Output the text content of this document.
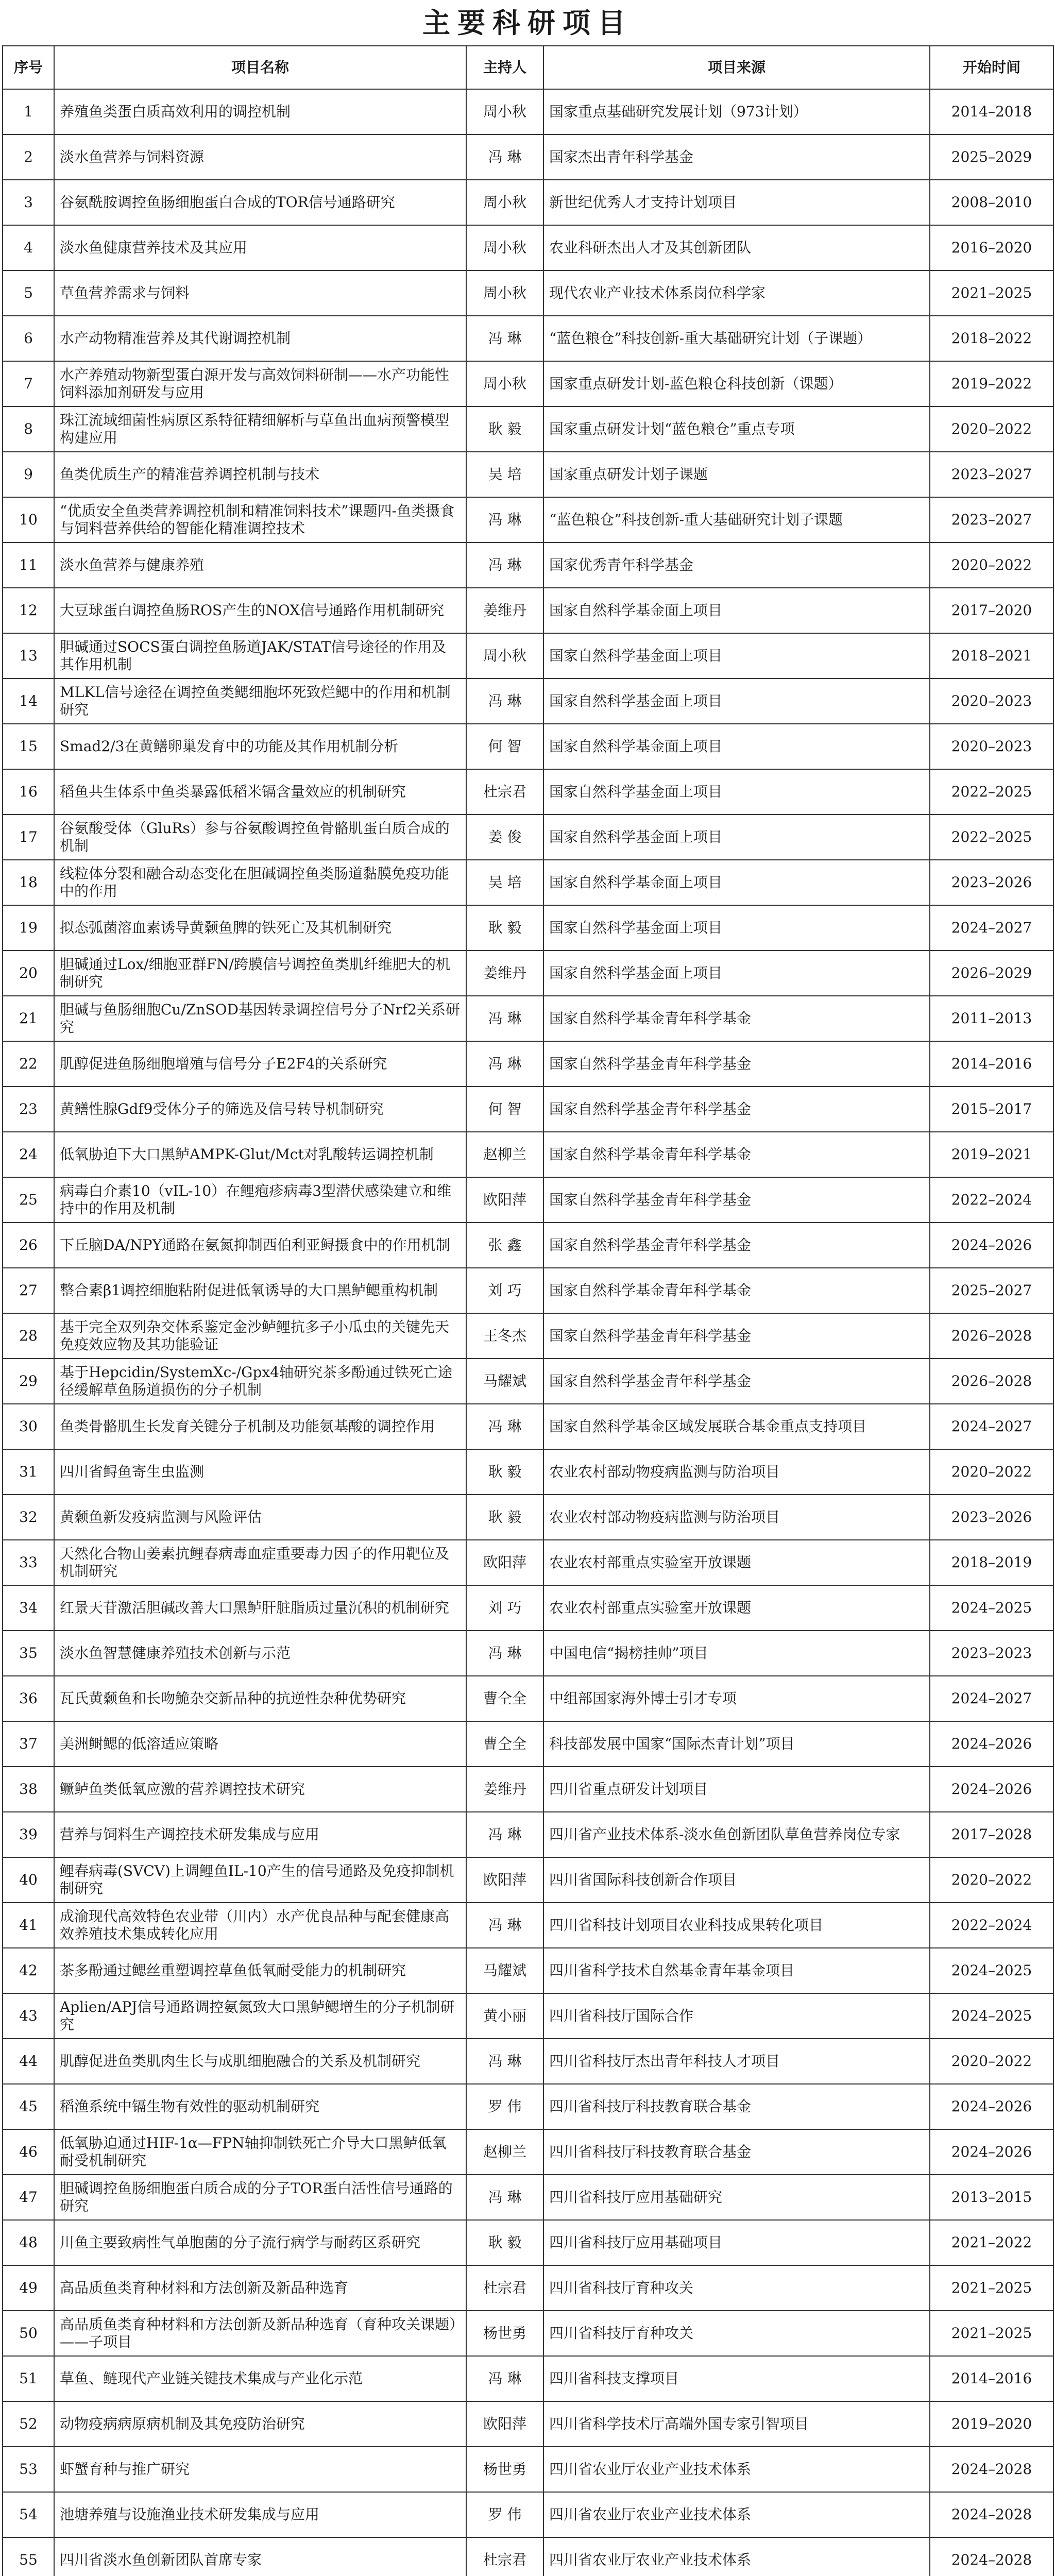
主要科研项目
序号	项目名称	主持人	项目来源	开始时间
1	养殖鱼类蛋白质高效利用的调控机制	周小秋	国家重点基础研究发展计划（973计划）	2014–2018
2	淡水鱼营养与饲料资源	冯 琳	国家杰出青年科学基金	2025–2029
3	谷氨酰胺调控鱼肠细胞蛋白合成的TOR信号通路研究	周小秋	新世纪优秀人才支持计划项目	2008–2010
4	淡水鱼健康营养技术及其应用	周小秋	农业科研杰出人才及其创新团队	2016–2020
5	草鱼营养需求与饲料	周小秋	现代农业产业技术体系岗位科学家	2021–2025
6	水产动物精准营养及其代谢调控机制	冯 琳	“蓝色粮仓”科技创新-重大基础研究计划（子课题）	2018–2022
7	水产养殖动物新型蛋白源开发与高效饲料研制——水产功能性饲料添加剂研发与应用	周小秋	国家重点研发计划-蓝色粮仓科技创新（课题）	2019–2022
8	珠江流域细菌性病原区系特征精细解析与草鱼出血病预警模型构建应用	耿 毅	国家重点研发计划“蓝色粮仓”重点专项	2020–2022
9	鱼类优质生产的精准营养调控机制与技术	吴 培	国家重点研发计划子课题	2023–2027
10	“优质安全鱼类营养调控机制和精准饲料技术”课题四-鱼类摄食与饲料营养供给的智能化精准调控技术	冯 琳	“蓝色粮仓”科技创新-重大基础研究计划子课题	2023–2027
11	淡水鱼营养与健康养殖	冯 琳	国家优秀青年科学基金	2020–2022
12	大豆球蛋白调控鱼肠ROS产生的NOX信号通路作用机制研究	姜维丹	国家自然科学基金面上项目	2017–2020
13	胆碱通过SOCS蛋白调控鱼肠道JAK/STAT信号途径的作用及其作用机制	周小秋	国家自然科学基金面上项目	2018–2021
14	MLKL信号途径在调控鱼类鳃细胞坏死致烂鳃中的作用和机制研究	冯 琳	国家自然科学基金面上项目	2020–2023
15	Smad2/3在黄鳝卵巢发育中的功能及其作用机制分析	何 智	国家自然科学基金面上项目	2020–2023
16	稻鱼共生体系中鱼类暴露低稻米镉含量效应的机制研究	杜宗君	国家自然科学基金面上项目	2022–2025
17	谷氨酸受体（GluRs）参与谷氨酸调控鱼骨骼肌蛋白质合成的机制	姜 俊	国家自然科学基金面上项目	2022–2025
18	线粒体分裂和融合动态变化在胆碱调控鱼类肠道黏膜免疫功能中的作用	吴 培	国家自然科学基金面上项目	2023–2026
19	拟态弧菌溶血素诱导黄颡鱼脾的铁死亡及其机制研究	耿 毅	国家自然科学基金面上项目	2024–2027
20	胆碱通过Lox/细胞亚群FN/跨膜信号调控鱼类肌纤维肥大的机制研究	姜维丹	国家自然科学基金面上项目	2026–2029
21	胆碱与鱼肠细胞Cu/ZnSOD基因转录调控信号分子Nrf2关系研究	冯 琳	国家自然科学基金青年科学基金	2011–2013
22	肌醇促进鱼肠细胞增殖与信号分子E2F4的关系研究	冯 琳	国家自然科学基金青年科学基金	2014–2016
23	黄鳝性腺Gdf9受体分子的筛选及信号转导机制研究	何 智	国家自然科学基金青年科学基金	2015–2017
24	低氧胁迫下大口黑鲈AMPK-Glut/Mct对乳酸转运调控机制	赵柳兰	国家自然科学基金青年科学基金	2019–2021
25	病毒白介素10（vIL-10）在鲤疱疹病毒3型潜伏感染建立和维持中的作用及机制	欧阳萍	国家自然科学基金青年科学基金	2022–2024
26	下丘脑DA/NPY通路在氨氮抑制西伯利亚鲟摄食中的作用机制	张 鑫	国家自然科学基金青年科学基金	2024–2026
27	整合素β1调控细胞粘附促进低氧诱导的大口黑鲈鳃重构机制	刘 巧	国家自然科学基金青年科学基金	2025–2027
28	基于完全双列杂交体系鉴定金沙鲈鲤抗多子小瓜虫的关键先天免疫效应物及其功能验证	王冬杰	国家自然科学基金青年科学基金	2026–2028
29	基于Hepcidin/SystemXc-/Gpx4轴研究茶多酚通过铁死亡途径缓解草鱼肠道损伤的分子机制	马耀斌	国家自然科学基金青年科学基金	2026–2028
30	鱼类骨骼肌生长发育关键分子机制及功能氨基酸的调控作用	冯 琳	国家自然科学基金区域发展联合基金重点支持项目	2024–2027
31	四川省鲟鱼寄生虫监测	耿 毅	农业农村部动物疫病监测与防治项目	2020–2022
32	黄颡鱼新发疫病监测与风险评估	耿 毅	农业农村部动物疫病监测与防治项目	2023–2026
33	天然化合物山姜素抗鲤春病毒血症重要毒力因子的作用靶位及机制研究	欧阳萍	农业农村部重点实验室开放课题	2018–2019
34	红景天苷激活胆碱改善大口黑鲈肝脏脂质过量沉积的机制研究	刘 巧	农业农村部重点实验室开放课题	2024–2025
35	淡水鱼智慧健康养殖技术创新与示范	冯 琳	中国电信“揭榜挂帅”项目	2023–2023
36	瓦氏黄颡鱼和长吻鮠杂交新品种的抗逆性杂种优势研究	曹仝全	中组部国家海外博士引才专项	2024–2027
37	美洲鲥鳃的低溶适应策略	曹仝全	科技部发展中国家“国际杰青计划”项目	2024–2026
38	鳜鲈鱼类低氧应激的营养调控技术研究	姜维丹	四川省重点研发计划项目	2024–2026
39	营养与饲料生产调控技术研发集成与应用	冯 琳	四川省产业技术体系-淡水鱼创新团队草鱼营养岗位专家	2017–2028
40	鲤春病毒(SVCV)上调鲤鱼IL-10产生的信号通路及免疫抑制机制研究	欧阳萍	四川省国际科技创新合作项目	2020–2022
41	成渝现代高效特色农业带（川内）水产优良品种与配套健康高效养殖技术集成转化应用	冯 琳	四川省科技计划项目农业科技成果转化项目	2022–2024
42	茶多酚通过鳃丝重塑调控草鱼低氧耐受能力的机制研究	马耀斌	四川省科学技术自然基金青年基金项目	2024–2025
43	Aplien/APJ信号通路调控氨氮致大口黑鲈鳃增生的分子机制研究	黄小丽	四川省科技厅国际合作	2024–2025
44	肌醇促进鱼类肌肉生长与成肌细胞融合的关系及机制研究	冯 琳	四川省科技厅杰出青年科技人才项目	2020–2022
45	稻渔系统中镉生物有效性的驱动机制研究	罗 伟	四川省科技厅科技教育联合基金	2024–2026
46	低氧胁迫通过HIF-1α—FPN轴抑制铁死亡介导大口黑鲈低氧耐受机制研究	赵柳兰	四川省科技厅科技教育联合基金	2024–2026
47	胆碱调控鱼肠细胞蛋白质合成的分子TOR蛋白活性信号通路的研究	冯 琳	四川省科技厅应用基础研究	2013–2015
48	川鱼主要致病性气单胞菌的分子流行病学与耐药区系研究	耿 毅	四川省科技厅应用基础项目	2021–2022
49	高品质鱼类育种材料和方法创新及新品种选育	杜宗君	四川省科技厅育种攻关	2021–2025
50	高品质鱼类育种材料和方法创新及新品种选育（育种攻关课题）——子项目	杨世勇	四川省科技厅育种攻关	2021–2025
51	草鱼、鲢现代产业链关键技术集成与产业化示范	冯 琳	四川省科技支撑项目	2014–2016
52	动物疫病病原病机制及其免疫防治研究	欧阳萍	四川省科学技术厅高端外国专家引智项目	2019–2020
53	虾蟹育种与推广研究	杨世勇	四川省农业厅农业产业技术体系	2024–2028
54	池塘养殖与设施渔业技术研发集成与应用	罗 伟	四川省农业厅农业产业技术体系	2024–2028
55	四川省淡水鱼创新团队首席专家	杜宗君	四川省农业厅农业产业技术体系	2024–2028
